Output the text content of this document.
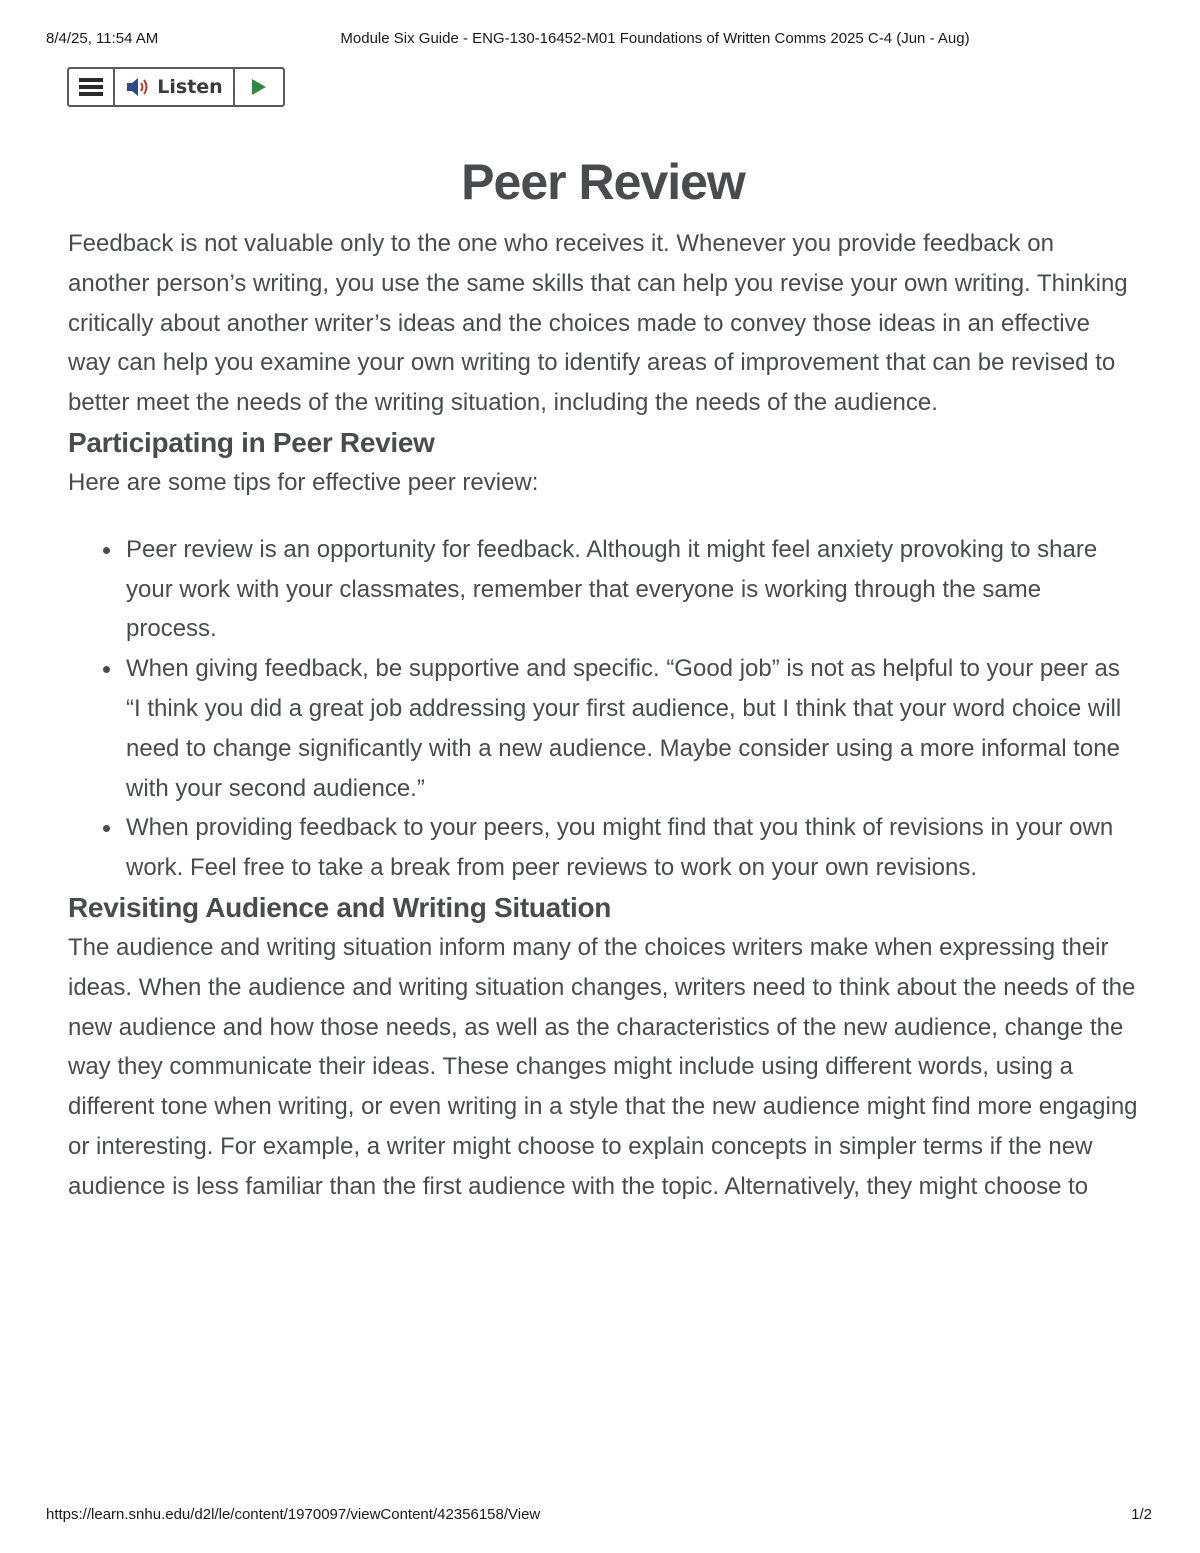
8/4/25, 11:54 AM	Module Six Guide - ENG-130-16452-M01 Foundations of Written Comms 2025 C-4 (Jun - Aug)
Listen
Peer Review

Feedback is not valuable only to the one who receives it. Whenever you provide feedback on another person’s writing, you use the same skills that can help you revise your own writing. Thinking critically about another writer’s ideas and the choices made to convey those ideas in an effective way can help you examine your own writing to identify areas of improvement that can be revised to better meet the needs of the writing situation, including the needs of the audience.

Participating in Peer Review

Here are some tips for effective peer review:

Peer review is an opportunity for feedback. Although it might feel anxiety provoking to share your work with your classmates, remember that everyone is working through the same process.
When giving feedback, be supportive and specific. “Good job” is not as helpful to your peer as “I think you did a great job addressing your first audience, but I think that your word choice will need to change significantly with a new audience. Maybe consider using a more informal tone with your second audience.”
When providing feedback to your peers, you might find that you think of revisions in your own work. Feel free to take a break from peer reviews to work on your own revisions.
Revisiting Audience and Writing Situation

The audience and writing situation inform many of the choices writers make when expressing their ideas. When the audience and writing situation changes, writers need to think about the needs of the new audience and how those needs, as well as the characteristics of the new audience, change the way they communicate their ideas. These changes might include using different words, using a different tone when writing, or even writing in a style that the new audience might find more engaging or interesting. For example, a writer might choose to explain concepts in simpler terms if the new audience is less familiar than the first audience with the topic. Alternatively, they might choose to

https://learn.snhu.edu/d2l/le/content/1970097/viewContent/42356158/View	1/2
